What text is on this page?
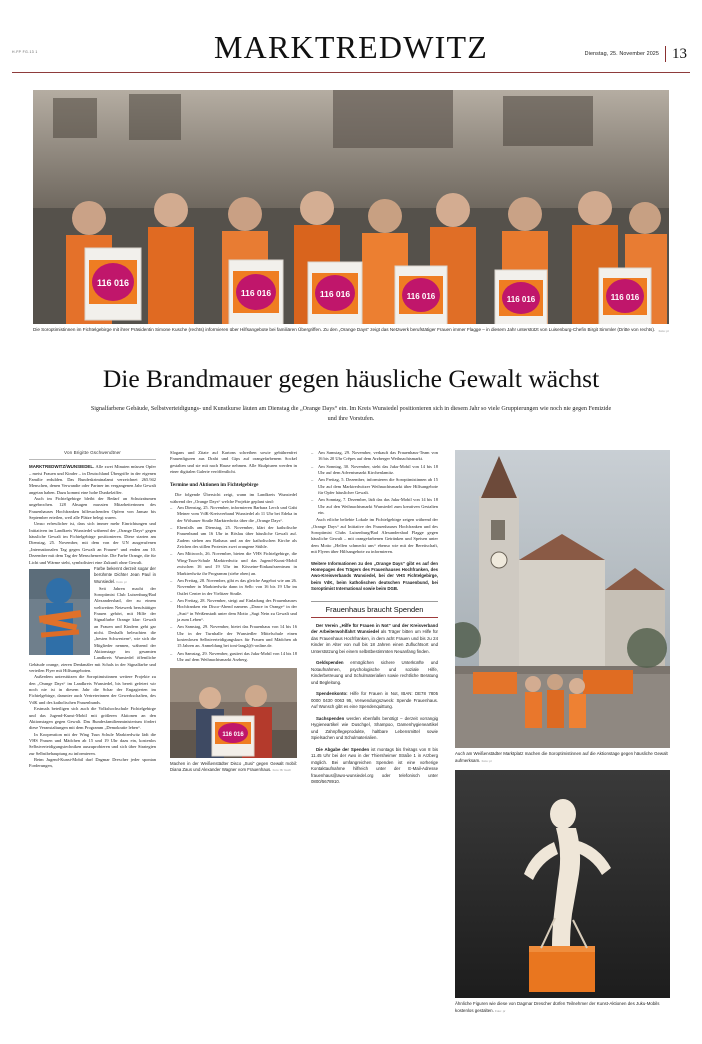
H.FP FG.13 1	MARKTREDWITZ	Dienstag, 25. November 2025 13
116 016
116 016	116 016	116 016	116 016	116 016
Foto: pr
Die Soroptimistinnen im Fichtelgebirge mit ihrer Präsidentin Simone Kusche (rechts) informieren über Hilfsangebote bei familiären Übergriffen. Zu den „Orange Days“ zeigt das Netzwerk berufstätiger Frauen immer Flagge – in diesem Jahr unterstützt von Luisenburg-Chefin Birgit Simmler (Dritte von rechts).
Die Brandmauer gegen häusliche Gewalt wächst
Signalfarbene Gebäude, Selbstverteidigungs- und Kunstkurse läuten am Dienstag die „Orange Days“ ein. Im Kreis Wunsiedel positionieren sich in diesem Jahr so viele Gruppierungen wie noch nie gegen Femizide und ihre Vorstufen.
Von Brigitte Gschwendtner

MARKTREDWITZ/WUNSIEDEL. Alle zwei Minuten müssen Opfer – meist Frauen und Kinder – in Deutschland Übergriffe in der eigenen Familie erdulden. Das Bundeskriminalamt verzeichnet 265.942 Menschen, denen Verwandte oder Partner im vergangenen Jahr Gewalt angetan haben. Dazu kommt eine hohe Dunkelziffer.

Auch im Fichtelgebirge bleibt der Bedarf an Schutzräumen ungebrochen. 128 Absagen mussten Mitarbeiterinnen des Frauenhauses Hochfranken hilfesuchenden Opfern von Januar bis September erteilen, weil alle Plätze belegt waren.

Umso erfreulicher ist, dass sich immer mehr Einrichtungen und Initiativen im Landkreis Wunsiedel während der „Orange Days“ gegen häusliche Gewalt im Fichtelgebirge positionieren. Diese starten am Dienstag, 25. November, mit dem von der UN ausgerufenen „Internationalen Tag gegen Gewalt an Frauen“ und enden am 10. Dezember mit dem Tag der Menschenrechte. Die Farbe Orange, die für Licht und Wärme steht, symbolisiert eine Zukunft ohne Gewalt.

Farbe bekennt derzeit sogar der berühmte Dichter Jean Paul in Wunsiedel. Foto: pr

Seit Jahren macht der Soroptimist Club Luisenburg/Bad Alexandersbad, der zu einem weltweiten Netzwerk berufstätiger Frauen gehört, mit Hilfe der Signalfarbe Orange klar: Gewalt an Frauen und Kindern geht gar nicht. Deshalb beleuchten die „besten Schwestern“, wie sich die Mitglieder nennen, während der Aktionstage im gesamten Landkreis Wunsiedel öffentliche Gebäude orange, zieren Denkmäler mit Schals in der Signalfarbe und verteilen Flyer mit Hilfsangeboten.

Außerdem unterstützen die Soroptimistinnen weitere Projekte zu den „Orange Days“ im Landkreis Wunsiedel, bis bereit gefeiert wir noch nie ist in diesem Jahr die Schar der Engagierten im Fichtelgebirge, darunter auch Vertreterinnen der Gewerkschaften, des VdK und des katholischen Frauenbunds.

Erstmals beteiligen sich auch die Volkshochschule Fichtelgebirge und das Jugend-Kunst-Mobil mit größeren Aktionen an den Aktionstagen gegen Gewalt. Das Bundesfamilienministerium fördert diese Veranstaltungen mit dem Programm „Demokratie leben“.

In Kooperation mit der Wing Tsun Schule Marktredwitz lädt die VHS Frauen und Mädchen ab 15 und 19 Uhr dazu ein, kostenlos Selbstverteidigungstechniken auszuprobieren und sich über Strategien zur Selbstbehauptung zu informieren.

Beim Jugend-Kunst-Mobil darf Dagmar Drescher jeder spontan Forderungen,

Slogans und Zitate auf Kartons schreiben sowie gebührenfrei Frauenfiguren aus Draht und Gips auf orangefarbenem Sockel gestalten und sie mit nach Hause nehmen. Alle Skulpturen werden in einer digitalen Galerie veröffentlicht.

Termine und Aktionen im Fichtelgebirge

Die folgende Übersicht zeigt, wann im Landkreis Wunsiedel während der „Orange Days“ welche Projekte geplant sind:

– Am Dienstag, 25. November, informieren Barbara Lerch und Gabi Meiner vom VdK-Kreisverband Wunsiedel ab 11 Uhr bei Edeka in der Wölsauer Straße Marktredwitz über die „Orange Days“.
– Ebenfalls am Dienstag, 25. November, klärt der katholische Frauenbund um 16 Uhr in Röslau über häusliche Gewalt auf. Zudem stehen am Rathaus und an der katholischen Kirche als Zeichen des stillen Protestes zwei orangene Stühle.
– Am Mittwoch, 26. November, bieten die VHS Fichtelgebirge, die Wing-Tsun-Schule Marktredwitz und das Jugend-Kunst-Mobil zwischen 16 und 19 Uhr im Kösseine-Einkaufszentrum in Marktredwitz ihr Programm (siehe oben) an.
– Am Freitag, 28. November, gibt es das gleiche Angebot wie am 26. November in Marktredwitz dann in Selb: von 16 bis 19 Uhr im Outlet Center in der Vielitzer Straße.
– Am Freitag, 28. November, steigt auf Einladung des Frauenhauses Hochfranken ein Disco-Abend namens „Dance in Orange“ in der „Susi“ in Weißenstadt unter dem Motto „Sagt Nein zu Gewalt und ja zum Leben“.
– Am Samstag, 29. November, bietet das Frauenhaus von 14 bis 16 Uhr in der Turnhalle der Wunsiedler Mittelschule einen kostenlosen Selbstverteidigungskurs für Frauen und Mädchen ab 15 Jahren an. Anmeldung bei toni-lang2@t-online.de.
– Am Samstag, 29. November, gastiert das Juku-Mobil von 14 bis 18 Uhr auf dem Weihnachtsmarkt Arzberg.
116 016
Machen in der Weißenstädter Disco „Susi“ gegen Gewalt mobil: Diana Zaus und Alexander Wagner vom Frauenhaus. Foto: Br Gsch
– Am Samstag, 29. November, verkauft das Frauenhaus-Team von 16 bis 20 Uhr Crêpes auf dem Arzberger Weihnachtsmarkt.
– Am Sonntag, 30. November, steht das Juku-Mobil von 14 bis 18 Uhr auf dem Adventsmarkt Kirchenlamitz.
– Am Freitag, 5. Dezember, informieren die Soroptimistinnen ab 15 Uhr auf dem Marktredwitzer Weihnachtsmarkt über Hilfsangebote für Opfer häuslicher Gewalt.
– Am Sonntag, 7. Dezember, lädt das das Juku-Mobil von 14 bis 18 Uhr auf den Weihnachtsmarkt Wunsiedel zum kreativen Gestalten ein.

Auch etliche beliebte Lokale im Fichtelgebirge zeigen während der „Orange Days“ auf Initiative des Frauenhauses Hochfranken und des Soroptimist Clubs Luisenburg/Bad Alexandersbad Flagge gegen häusliche Gewalt – mit orangefarbenen Getränken und Speisen unter dem Motto „Helfen schmeckt uns“ ebenso wie mit der Bereitschaft, mit Flyern über Hilfsangebote zu informieren.

Weitere Informationen zu den „Orange Days“ gibt es auf den Homepages des Trägers des Frauenhauses Hochfranken, des Awo-Kreisverbands Wunsiedel, bei der VHS Fichtelgebirge, beim VdK, beim katholischen deutschen Frauenbund, bei Soroptimist International sowie beim DGB.
Frauenhaus braucht Spenden

Der Verein „Hilfe für Frauen in Not“ und der Kreisverband der Arbeiterwohlfahrt Wunsiedel als Träger bitten um Hilfe für das Frauenhaus Hochfranken, in dem acht Frauen und bis zu 24 Kinder im Alter von null bis 18 Jahren einen Zufluchtsort und Unterstützung bei einem selbstbestimmten Neuanfang finden.

Geldspenden ermöglichen sichere Unterkünfte und Notaufnahmen, psychologische und soziale Hilfe, Kinderbetreuung und Schulmaterialien sowie rechtliche Beratung und Begleitung.

Spendenkonto: Hilfe für Frauen in Not, IBAN: DE78 7805 0000 0430 0063 95, Verwendungszweck: Spende Frauenhaus. Auf Wunsch gibt es eine Spendenquittung.

Sachspenden werden ebenfalls benötigt – derzeit vorrangig Hygieneartikel wie Duschgel, Shampoo, Damenhygieneartikel und Zahnpflegeprodukte, haltbare Lebensmittel sowie Spielsachen und Schulmaterialien.

Die Abgabe der Spenden ist montags bis freitags von 8 bis 11.45 Uhr bei der Awo in der Thiersheimer Straße 1 in Arzberg möglich. Bei umfangreichen Spenden ist eine vorherige Kontaktaufnahme hilfreich unter der E-Mail-Adresse frauenhaus@awo-wunsiedel.org oder telefonisch unter 0800/5678910.

Auch am Weißenstädter Marktplatz machen die Soroptimistinnen auf die Aktionstage gegen häusliche Gewalt aufmerksam. Foto: pr
Ähnliche Figuren wie diese von Dagmar Drescher dürfen Teilnehmer der Kunst-Aktionen des Juku-Mobils kostenlos gestalten. Foto: pr
